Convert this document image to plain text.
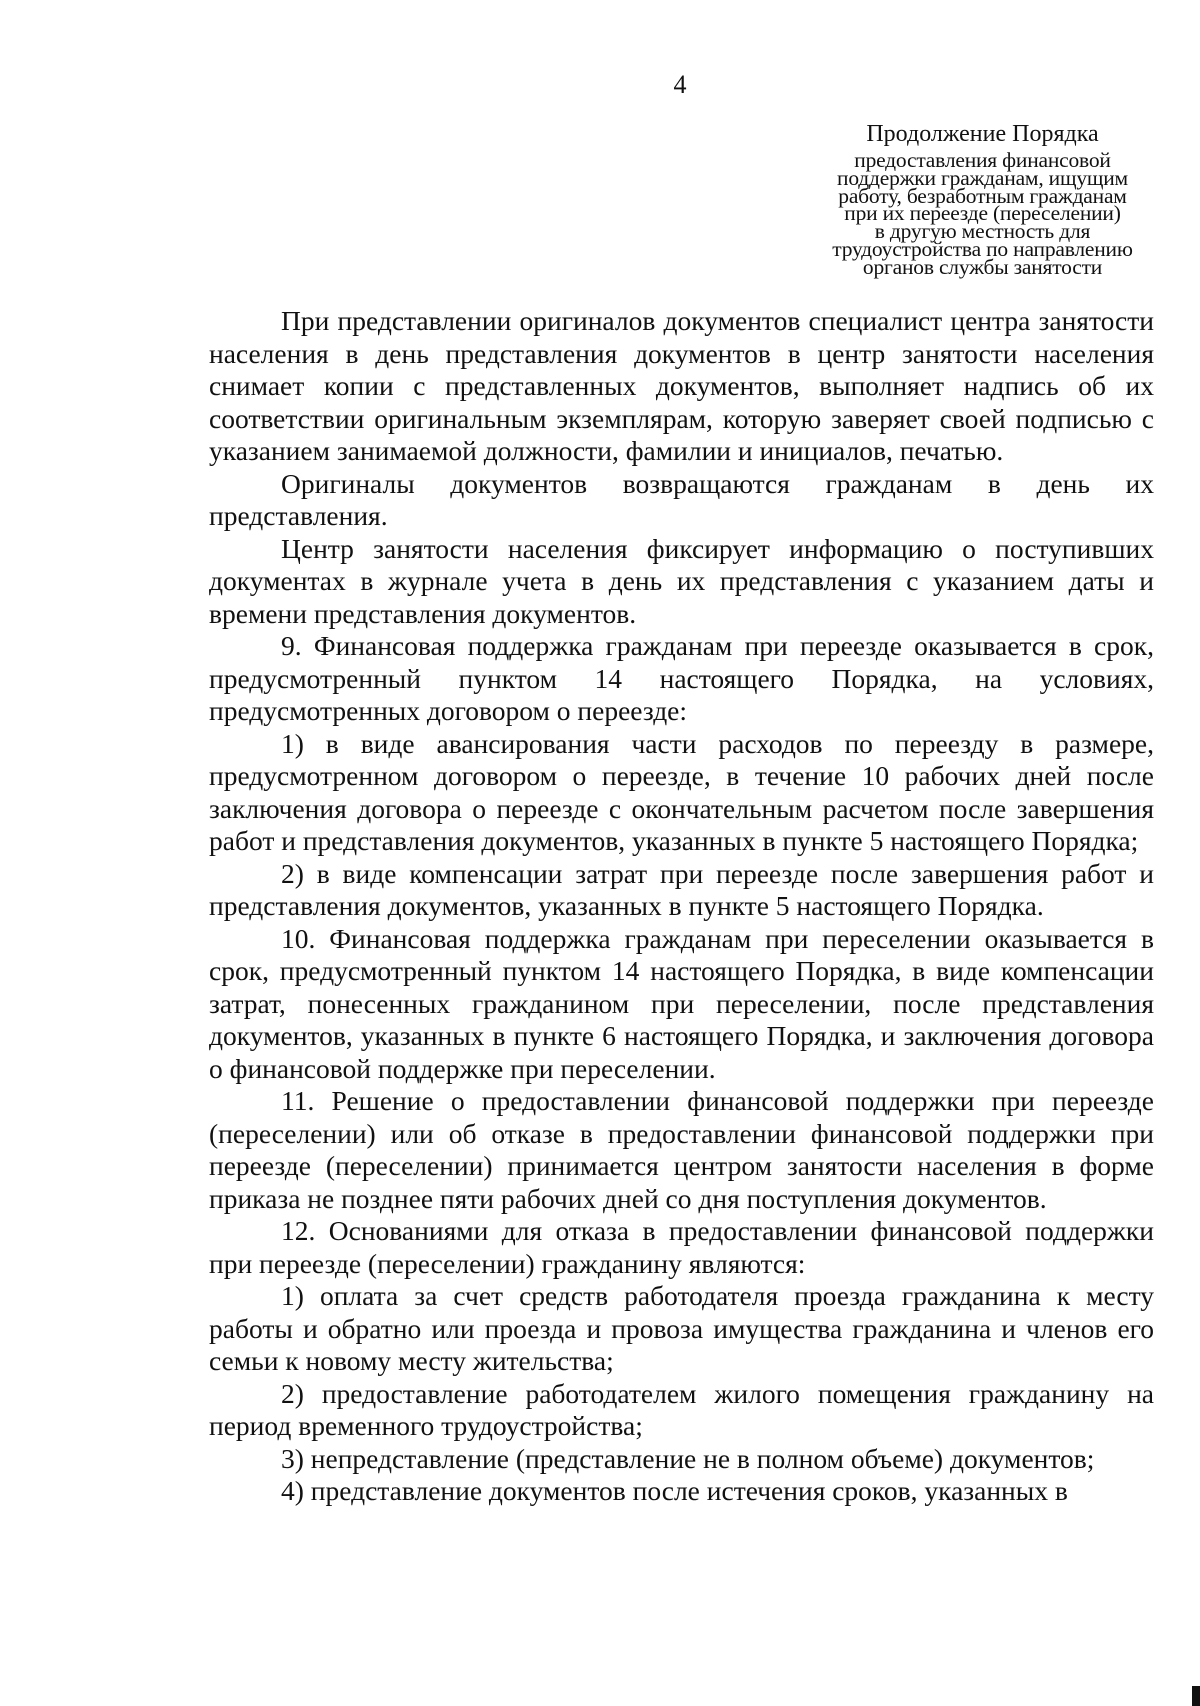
4
Продолжение Порядка
предоставления финансовой
поддержки гражданам, ищущим
работу, безработным гражданам
при их переезде (переселении)
в другую местность для
трудоустройства по направлению
органов службы занятости

При представлении оригиналов документов специалист центра занятости населения в день представления документов в центр занятости населения снимает копии с представленных документов, выполняет надпись об их соответствии оригинальным экземплярам, которую заверяет своей подписью с указанием занимаемой должности, фамилии и инициалов, печатью.

Оригиналы документов возвращаются гражданам в день их представления.

Центр занятости населения фиксирует информацию о поступивших документах в журнале учета в день их представления с указанием даты и времени представления документов.

9. Финансовая поддержка гражданам при переезде оказывается в срок, предусмотренный пунктом 14 настоящего Порядка, на условиях, предусмотренных договором о переезде:

1) в виде авансирования части расходов по переезду в размере, предусмотренном договором о переезде, в течение 10 рабочих дней после заключения договора о переезде с окончательным расчетом после завершения работ и представления документов, указанных в пункте 5 настоящего Порядка;

2) в виде компенсации затрат при переезде после завершения работ и представления документов, указанных в пункте 5 настоящего Порядка.

10. Финансовая поддержка гражданам при переселении оказывается в срок, предусмотренный пунктом 14 настоящего Порядка, в виде компенсации затрат, понесенных гражданином при переселении, после представления документов, указанных в пункте 6 настоящего Порядка, и заключения договора о финансовой поддержке при переселении.

11. Решение о предоставлении финансовой поддержки при переезде (переселении) или об отказе в предоставлении финансовой поддержки при переезде (переселении) принимается центром занятости населения в форме приказа не позднее пяти рабочих дней со дня поступления документов.

12. Основаниями для отказа в предоставлении финансовой поддержки при переезде (переселении) гражданину являются:

1) оплата за счет средств работодателя проезда гражданина к месту работы и обратно или проезда и провоза имущества гражданина и членов его семьи к новому месту жительства;

2) предоставление работодателем жилого помещения гражданину на период временного трудоустройства;

3) непредставление (представление не в полном объеме) документов;

4) представление документов после истечения сроков, указанных в
